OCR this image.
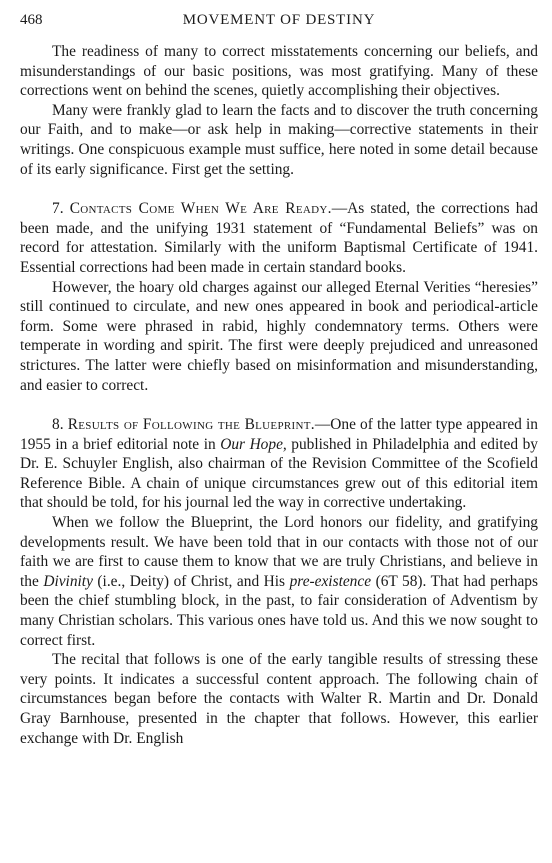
468	MOVEMENT OF DESTINY

The readiness of many to correct misstatements concerning our beliefs, and misunderstandings of our basic positions, was most gratifying. Many of these corrections went on behind the scenes, quietly accomplishing their objectives.

Many were frankly glad to learn the facts and to discover the truth concerning our Faith, and to make—or ask help in making—corrective statements in their writings. One conspicuous example must suffice, here noted in some detail because of its early significance. First get the setting.

7. Contacts Come When We Are Ready.—As stated, the corrections had been made, and the unifying 1931 statement of “Fundamental Beliefs” was on record for attestation. Similarly with the uniform Baptismal Certificate of 1941. Essential corrections had been made in certain standard books.

However, the hoary old charges against our alleged Eternal Verities “heresies” still continued to circulate, and new ones appeared in book and periodical-article form. Some were phrased in rabid, highly condemnatory terms. Others were temperate in wording and spirit. The first were deeply prejudiced and unreasoned strictures. The latter were chiefly based on misinformation and misunderstanding, and easier to correct.

8. Results of Following the Blueprint.—One of the latter type appeared in 1955 in a brief editorial note in Our Hope, published in Philadelphia and edited by Dr. E. Schuyler English, also chairman of the Revision Committee of the Scofield Reference Bible. A chain of unique circumstances grew out of this editorial item that should be told, for his journal led the way in corrective undertaking.

When we follow the Blueprint, the Lord honors our fidelity, and gratifying developments result. We have been told that in our contacts with those not of our faith we are first to cause them to know that we are truly Christians, and believe in the Divinity (i.e., Deity) of Christ, and His pre-existence (6T 58). That had perhaps been the chief stumbling block, in the past, to fair consideration of Adventism by many Christian scholars. This various ones have told us. And this we now sought to correct first.

The recital that follows is one of the early tangible results of stressing these very points. It indicates a successful content approach. The following chain of circumstances began before the contacts with Walter R. Martin and Dr. Donald Gray Barnhouse, presented in the chapter that follows. However, this earlier exchange with Dr. English
